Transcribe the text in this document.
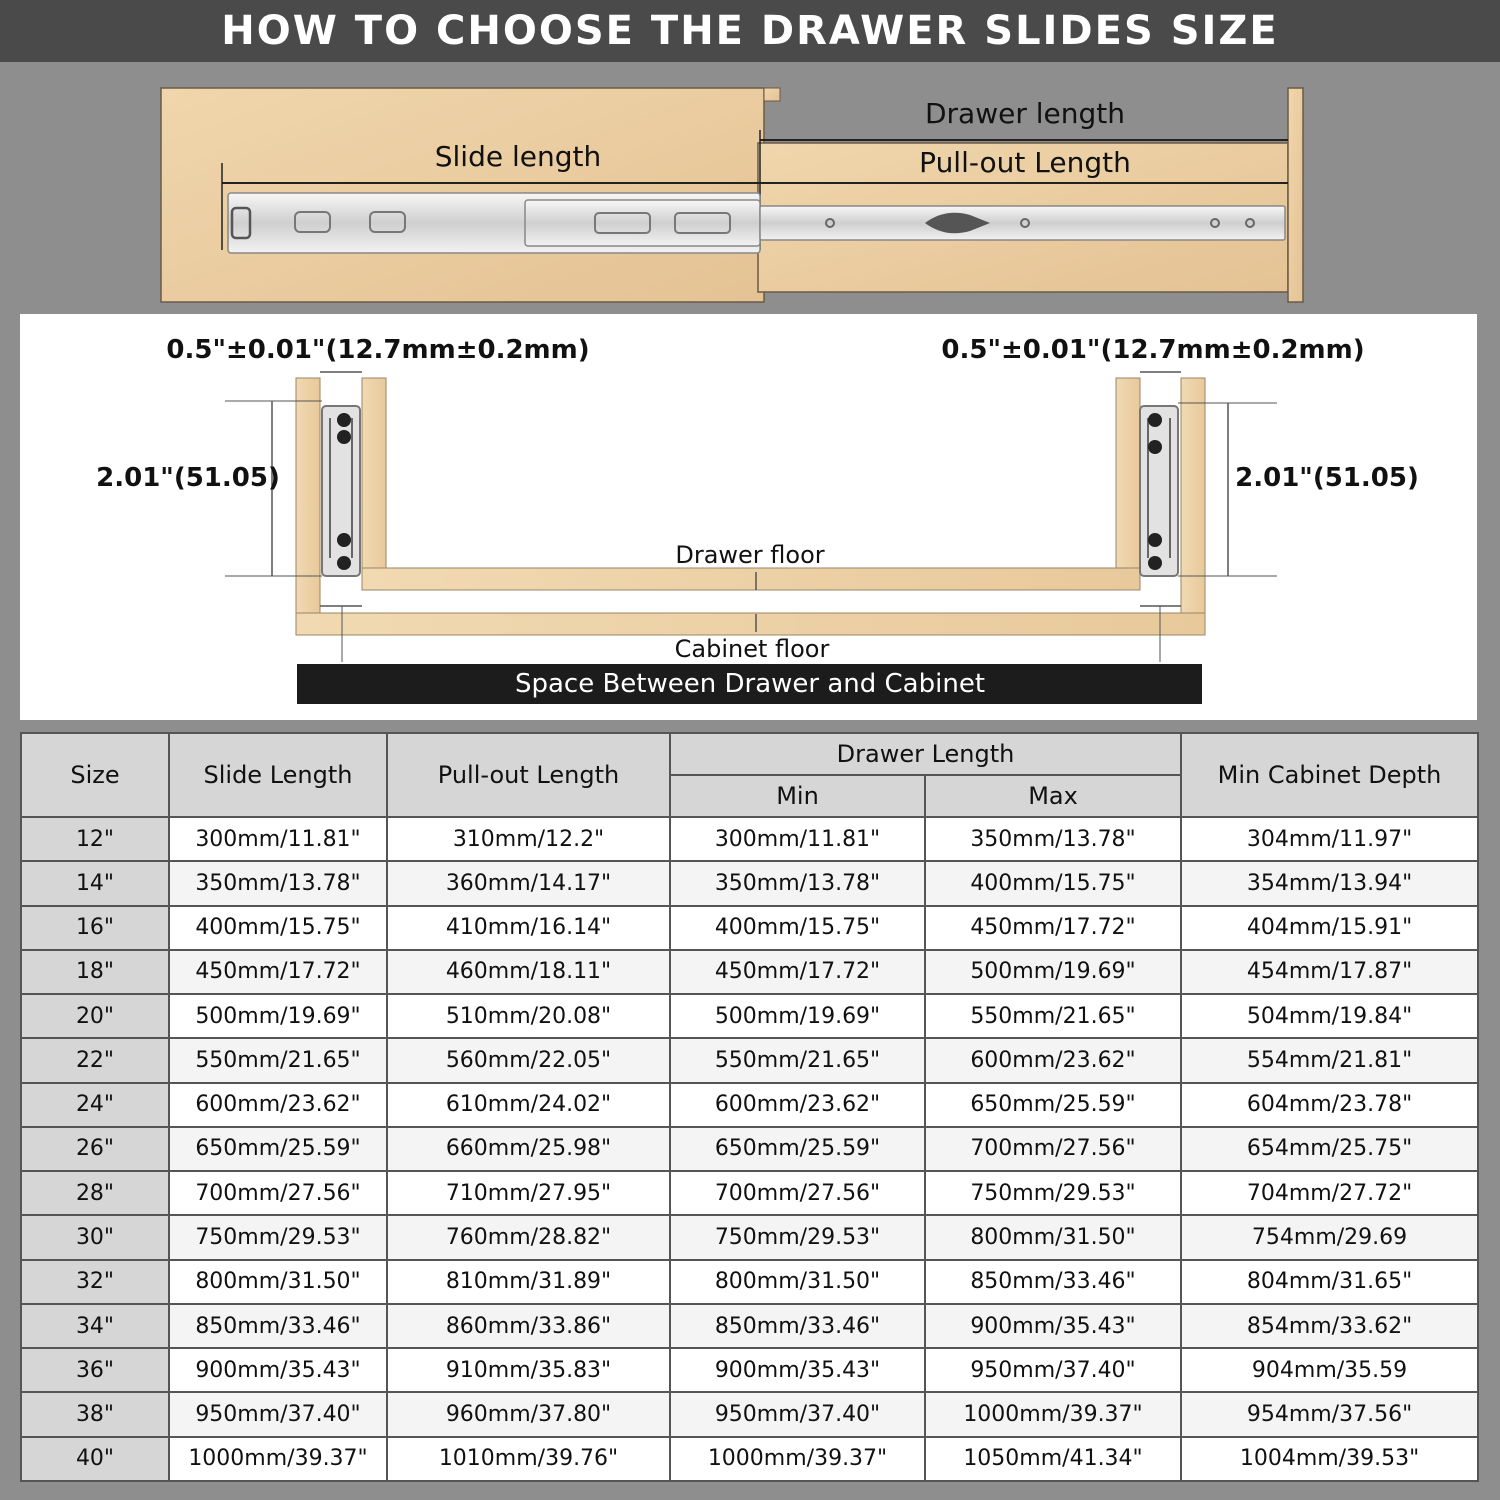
HOW TO CHOOSE THE DRAWER SLIDES SIZE
Slide length
Drawer length
Pull-out Length
0.5"±0.01"(12.7mm±0.2mm)	0.5"±0.01"(12.7mm±0.2mm)
2.01"(51.05)	2.01"(51.05)
Drawer floor
Cabinet floor
Space Between Drawer and Cabinet
Size	Slide Length	Pull-out Length	Drawer Length		Min Cabinet Depth
			Min	Max	
12"	300mm/11.81"	310mm/12.2"	300mm/11.81"	350mm/13.78"	304mm/11.97"
14"	350mm/13.78"	360mm/14.17"	350mm/13.78"	400mm/15.75"	354mm/13.94"
16"	400mm/15.75"	410mm/16.14"	400mm/15.75"	450mm/17.72"	404mm/15.91"
18"	450mm/17.72"	460mm/18.11"	450mm/17.72"	500mm/19.69"	454mm/17.87"
20"	500mm/19.69"	510mm/20.08"	500mm/19.69"	550mm/21.65"	504mm/19.84"
22"	550mm/21.65"	560mm/22.05"	550mm/21.65"	600mm/23.62"	554mm/21.81"
24"	600mm/23.62"	610mm/24.02"	600mm/23.62"	650mm/25.59"	604mm/23.78"
26"	650mm/25.59"	660mm/25.98"	650mm/25.59"	700mm/27.56"	654mm/25.75"
28"	700mm/27.56"	710mm/27.95"	700mm/27.56"	750mm/29.53"	704mm/27.72"
30"	750mm/29.53"	760mm/28.82"	750mm/29.53"	800mm/31.50"	754mm/29.69
32"	800mm/31.50"	810mm/31.89"	800mm/31.50"	850mm/33.46"	804mm/31.65"
34"	850mm/33.46"	860mm/33.86"	850mm/33.46"	900mm/35.43"	854mm/33.62"
36"	900mm/35.43"	910mm/35.83"	900mm/35.43"	950mm/37.40"	904mm/35.59
38"	950mm/37.40"	960mm/37.80"	950mm/37.40"	1000mm/39.37"	954mm/37.56"
40"	1000mm/39.37"	1010mm/39.76"	1000mm/39.37"	1050mm/41.34"	1004mm/39.53"
